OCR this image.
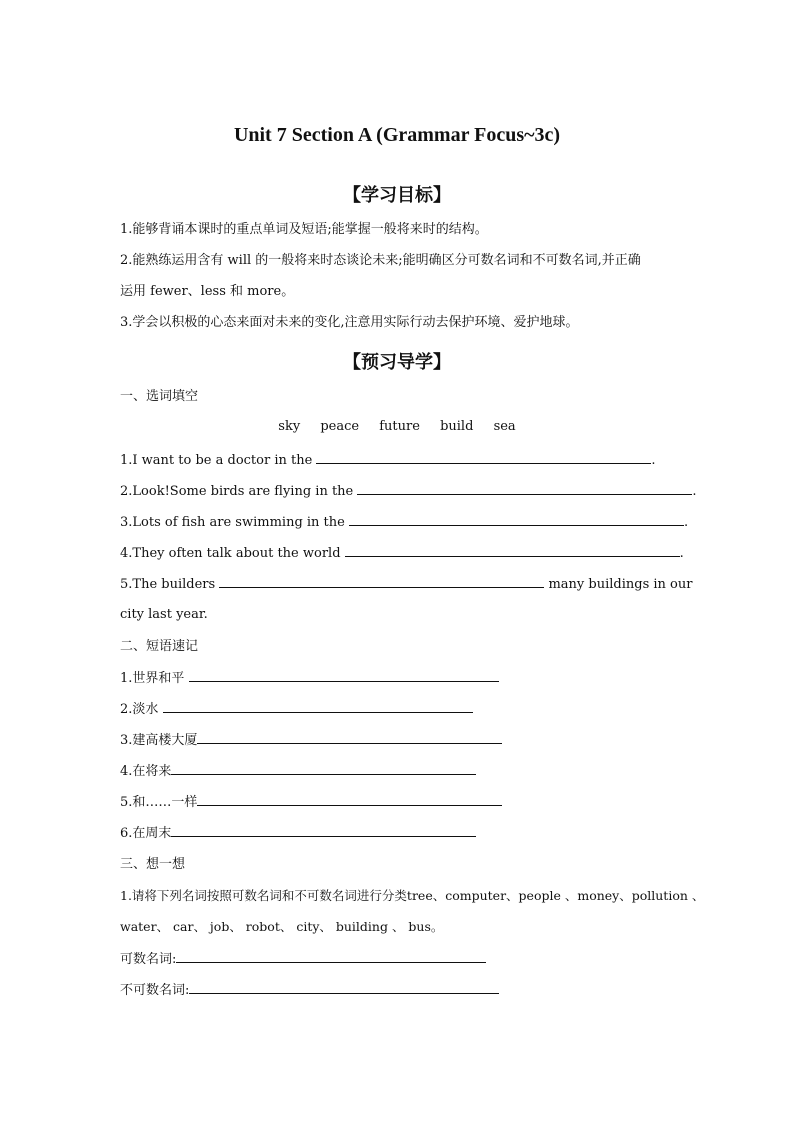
Unit 7 Section A (Grammar Focus~3c)
【学习目标】
1.能够背诵本课时的重点单词及短语;能掌握一般将来时的结构。
2.能熟练运用含有 will 的一般将来时态谈论未来;能明确区分可数名词和不可数名词,并正确
运用 fewer、less 和 more。
3.学会以积极的心态来面对未来的变化,注意用实际行动去保护环境、爱护地球。
【预习导学】
一、选词填空
sky peace future build sea
1.I want to be a doctor in the	.
2.Look!Some birds are flying in the	.
3.Lots of fish are swimming in the	.
4.They often talk about the world	.
5.The builders	many buildings in our
city last year.
二、短语速记
1.世界和平
2.淡水
3.建高楼大厦
4.在将来
5.和……一样
6.在周末
三、想一想
1.请将下列名词按照可数名词和不可数名词进行分类tree、computer、people 、money、pollution 、
water、 car、 job、 robot、 city、 building 、 bus。
可数名词:
不可数名词:
